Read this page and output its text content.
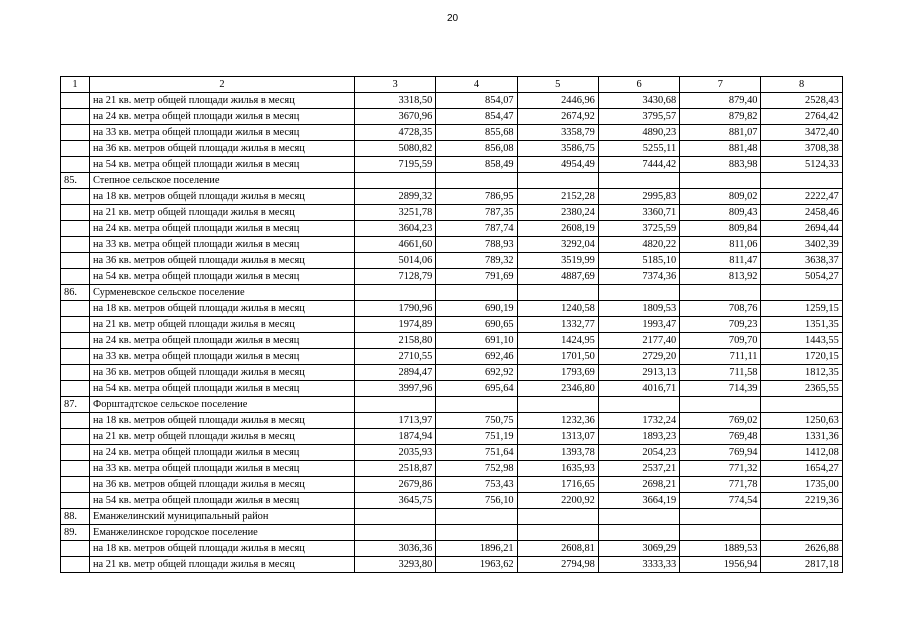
20
1	2	3	4	5	6	7	8
	на 21 кв. метр общей площади жилья в месяц	3318,50	854,07	2446,96	3430,68	879,40	2528,43
	на 24 кв. метра общей площади жилья в месяц	3670,96	854,47	2674,92	3795,57	879,82	2764,42
	на 33 кв. метра общей площади жилья в месяц	4728,35	855,68	3358,79	4890,23	881,07	3472,40
	на 36 кв. метров общей площади жилья в месяц	5080,82	856,08	3586,75	5255,11	881,48	3708,38
	на 54 кв. метра общей площади жилья в месяц	7195,59	858,49	4954,49	7444,42	883,98	5124,33
85.	Степное сельское поселение						
	на 18 кв. метров общей площади жилья в месяц	2899,32	786,95	2152,28	2995,83	809,02	2222,47
	на 21 кв. метр общей площади жилья в месяц	3251,78	787,35	2380,24	3360,71	809,43	2458,46
	на 24 кв. метра общей площади жилья в месяц	3604,23	787,74	2608,19	3725,59	809,84	2694,44
	на 33 кв. метра общей площади жилья в месяц	4661,60	788,93	3292,04	4820,22	811,06	3402,39
	на 36 кв. метров общей площади жилья в месяц	5014,06	789,32	3519,99	5185,10	811,47	3638,37
	на 54 кв. метра общей площади жилья в месяц	7128,79	791,69	4887,69	7374,36	813,92	5054,27
86.	Сурменевское сельское поселение						
	на 18 кв. метров общей площади жилья в месяц	1790,96	690,19	1240,58	1809,53	708,76	1259,15
	на 21 кв. метр общей площади жилья в месяц	1974,89	690,65	1332,77	1993,47	709,23	1351,35
	на 24 кв. метра общей площади жилья в месяц	2158,80	691,10	1424,95	2177,40	709,70	1443,55
	на 33 кв. метра общей площади жилья в месяц	2710,55	692,46	1701,50	2729,20	711,11	1720,15
	на 36 кв. метров общей площади жилья в месяц	2894,47	692,92	1793,69	2913,13	711,58	1812,35
	на 54 кв. метра общей площади жилья в месяц	3997,96	695,64	2346,80	4016,71	714,39	2365,55
87.	Форштадтское сельское поселение						
	на 18 кв. метров общей площади жилья в месяц	1713,97	750,75	1232,36	1732,24	769,02	1250,63
	на 21 кв. метр общей площади жилья в месяц	1874,94	751,19	1313,07	1893,23	769,48	1331,36
	на 24 кв. метра общей площади жилья в месяц	2035,93	751,64	1393,78	2054,23	769,94	1412,08
	на 33 кв. метра общей площади жилья в месяц	2518,87	752,98	1635,93	2537,21	771,32	1654,27
	на 36 кв. метров общей площади жилья в месяц	2679,86	753,43	1716,65	2698,21	771,78	1735,00
	на 54 кв. метра общей площади жилья в месяц	3645,75	756,10	2200,92	3664,19	774,54	2219,36
88.	Еманжелинский муниципальный район						
89.	Еманжелинское городское поселение						
	на 18 кв. метров общей площади жилья в месяц	3036,36	1896,21	2608,81	3069,29	1889,53	2626,88
	на 21 кв. метр общей площади жилья в месяц	3293,80	1963,62	2794,98	3333,33	1956,94	2817,18
